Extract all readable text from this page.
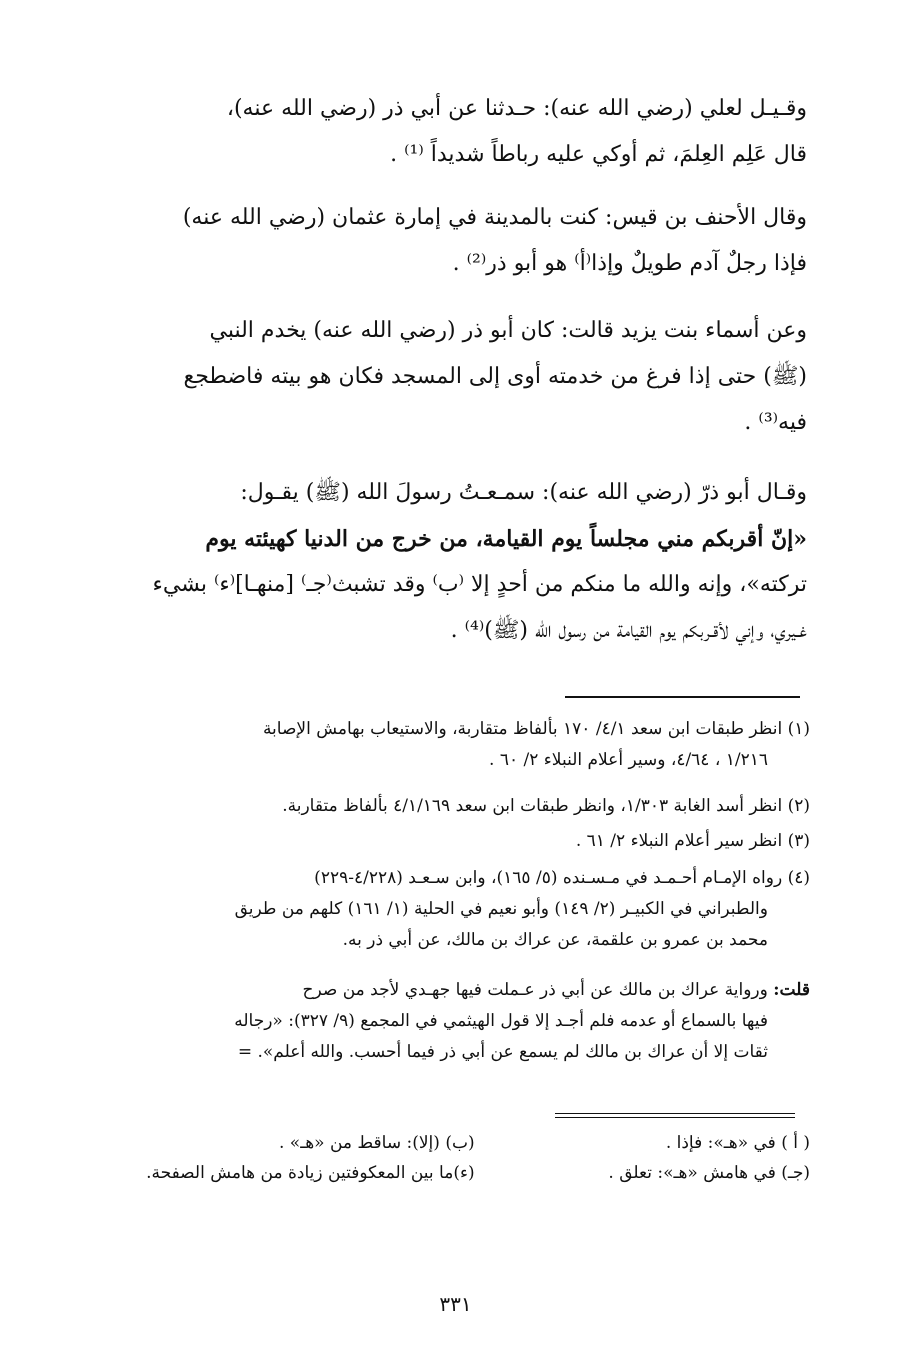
وقـيـل لعلي (رضي الله عنه): حـدثنا عن أبي ذر (رضي الله عنه)،
قال عَلِم العِلمَ، ثم أوكي عليه رباطاً شديداً ⁽¹⁾ .

وقال الأحنف بن قيس: كنت بالمدينة في إمارة عثمان (رضي الله عنه)
فإذا رجلٌ آدم طويلٌ وإذا⁽أ⁾ هو أبو ذر⁽²⁾ .

وعن أسماء بنت يزيد قالت: كان أبو ذر (رضي الله عنه) يخدم النبي
(ﷺ) حتى إذا فرغ من خدمته أوى إلى المسجد فكان هو بيته فاضطجع
فيه⁽³⁾ .

وقـال أبو ذرّ (رضي الله عنه): سمـعـتُ رسولَ الله (ﷺ) يقـول:
«إنّ أقربكم مني مجلساً يوم القيامة، من خرج من الدنيا كهيئته يوم
تركته»، وإنه والله ما منكم من أحدٍ إلا ⁽ب⁾ وقد تشبث⁽جـ⁾ [منهـا]⁽ء⁾ بشيء
غـيري، وإني لأقـربكم يوم القيامة من رسول الله (ﷺ)⁽⁴⁾ .

(١) انظر طبقات ابن سعد ٤/١/ ١٧٠ بألفاظ متقاربة، والاستيعاب بهامش الإصابة
١/٢١٦ ، ٤/٦٤، وسير أعلام النبلاء ٢/ ٦٠ .
(٢) انظر أسد الغابة ١/٣٠٣، وانظر طبقات ابن سعد ٤/١/١٦٩ بألفاظ متقاربة.
(٣) انظر سير أعلام النبلاء ٢/ ٦١ .
(٤) رواه الإمـام أحـمـد في مـسـنده (٥/ ١٦٥)، وابن سـعـد (٤/٢٢٨-٢٢٩)
والطبراني في الكبيـر (٢/ ١٤٩) وأبو نعيم في الحلية (١/ ١٦١) كلهم من طريق
محمد بن عمرو بن علقمة، عن عراك بن مالك، عن أبي ذر به.
قلت: ورواية عراك بن مالك عن أبي ذر عـملت فيها جهـدي لأجد من صرح
فيها بالسماع أو عدمه فلم أجـد إلا قول الهيثمي في المجمع (٩/ ٣٢٧): «رجاله
ثقات إلا أن عراك بن مالك لم يسمع عن أبي ذر فيما أحسب. والله أعلم». =
( أ ) في «هـ»: فإذا . (ب) (إلا): ساقط من «هـ» .
(جـ) في هامش «هـ»: تعلق . (ء)ما بين المعكوفتين زيادة من هامش الصفحة.
٣٣١
